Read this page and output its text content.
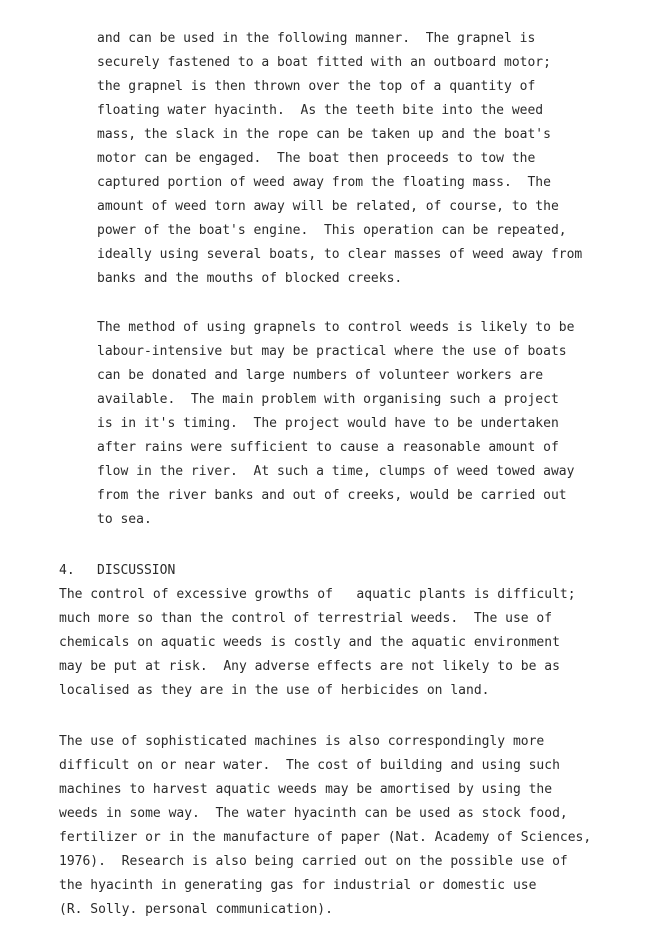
and can be used in the following manner.  The grapnel is
securely fastened to a boat fitted with an outboard motor;
the grapnel is then thrown over the top of a quantity of
floating water hyacinth.  As the teeth bite into the weed
mass, the slack in the rope can be taken up and the boat's
motor can be engaged.  The boat then proceeds to tow the
captured portion of weed away from the floating mass.  The
amount of weed torn away will be related, of course, to the
power of the boat's engine.  This operation can be repeated,
ideally using several boats, to clear masses of weed away from
banks and the mouths of blocked creeks.
The method of using grapnels to control weeds is likely to be
labour-intensive but may be practical where the use of boats
can be donated and large numbers of volunteer workers are
available.  The main problem with organising such a project
is in it's timing.  The project would have to be undertaken
after rains were sufficient to cause a reasonable amount of
flow in the river.  At such a time, clumps of weed towed away
from the river banks and out of creeks, would be carried out
to sea.
4. DISCUSSION
The control of excessive growths of   aquatic plants is difficult;
much more so than the control of terrestrial weeds.  The use of
chemicals on aquatic weeds is costly and the aquatic environment
may be put at risk.  Any adverse effects are not likely to be as
localised as they are in the use of herbicides on land.
The use of sophisticated machines is also correspondingly more
difficult on or near water.  The cost of building and using such
machines to harvest aquatic weeds may be amortised by using the
weeds in some way.  The water hyacinth can be used as stock food,
fertilizer or in the manufacture of paper (Nat. Academy of Sciences,
1976).  Research is also being carried out on the possible use of
the hyacinth in generating gas for industrial or domestic use
(R. Solly. personal communication).
